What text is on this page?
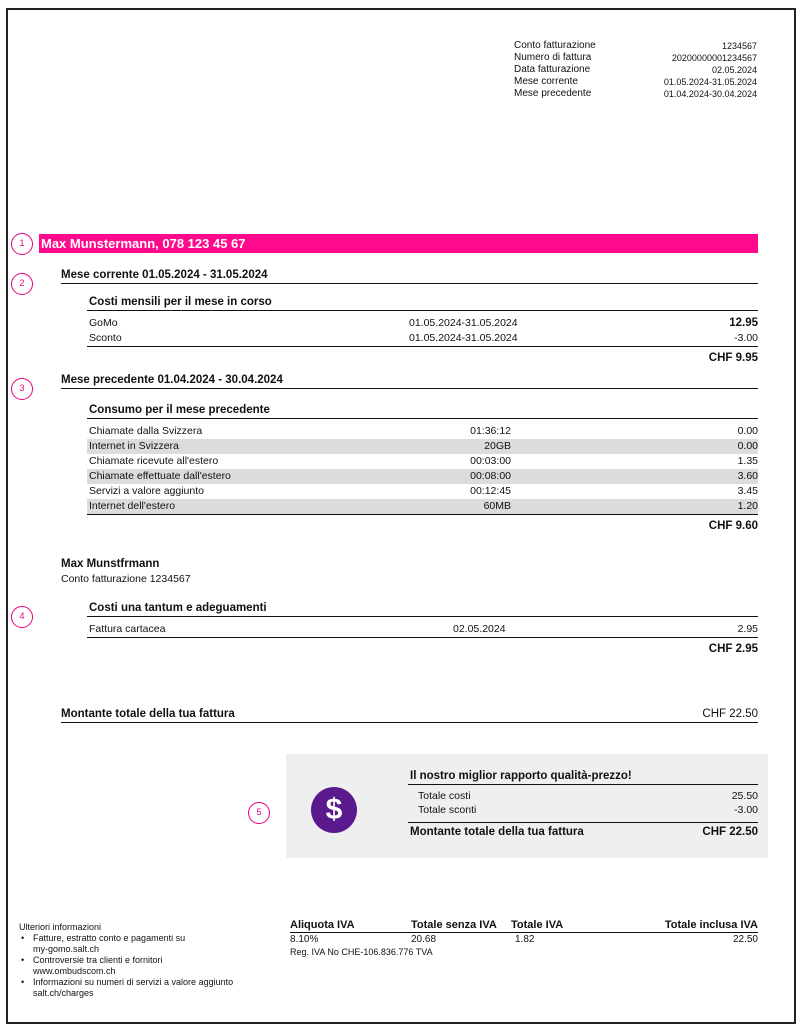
Conto fatturazione	1234567
Numero di fattura	20200000001234567
Data fatturazione	02.05.2024
Mese corrente	01.05.2024-31.05.2024
Mese precedente	01.04.2024-30.04.2024
1	Max Munstermann, 078 123 45 67
2
Mese corrente 01.05.2024 - 31.05.2024
Costi mensili per il mese in corso
GoMo	01.05.2024-31.05.2024	12.95
Sconto	01.05.2024-31.05.2024	-3.00
CHF 9.95
3
Mese precedente 01.04.2024 - 30.04.2024
Consumo per il mese precedente
Chiamate dalla Svizzera	01:36:12	0.00
Internet in Svizzera	20GB	0.00
Chiamate ricevute all'estero	00:03:00	1.35
Chiamate effettuate dall'estero	00:08:00	3.60
Servizi a valore aggiunto	00:12:45	3.45
Internet dell'estero	60MB	1.20
CHF 9.60
Max Munstfrmann
Conto fatturazione 1234567
4
Costi una tantum e adeguamenti
Fattura cartacea	02.05.2024	2.95
CHF 2.95
Montante totale della tua fattura	CHF 22.50
5	$
Il nostro miglior rapporto qualità-prezzo!
Totale costi	25.50
Totale sconti	-3.00
Montante totale della tua fattura	CHF 22.50
Ulteriori informazioni
• Fatture, estratto conto e pagamenti su
my-gomo.salt.ch
• Controversie tra clienti e fornitori
www.ombudscom.ch
• Informazioni su numeri di servizi a valore aggiunto
salt.ch/charges
Aliquota IVA	Totale senza IVA	Totale IVA	Totale inclusa IVA
8.10%	20.68	1.82	22.50
Reg. IVA No CHE-106.836.776 TVA
